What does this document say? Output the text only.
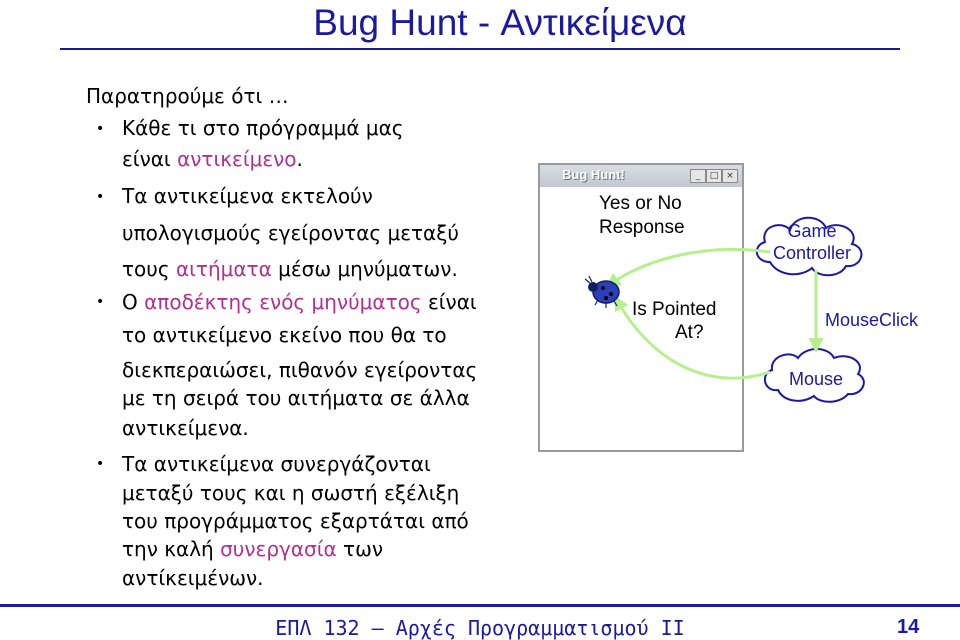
Bug Hunt - Αντικείμενα
Παρατηρούμε ότι …
• Κάθε τι στο πρόγραμμά μας
είναι αντικείμενο.
• Τα αντικείμενα εκτελούν
υπολογισμούς εγείροντας μεταξύ
τους αιτήματα μέσω μηνύματων.
• Ο αποδέκτης ενός μηνύματος είναι
το αντικείμενο εκείνο που θα το
διεκπεραιώσει, πιθανόν εγείροντας
με τη σειρά του αιτήματα σε άλλα
αντικείμενα.
• Τα αντικείμενα συνεργάζονται
μεταξύ τους και η σωστή εξέλιξη
του προγράμματος εξαρτάται από
την καλή συνεργασία των
αντίκειμένων.
Bug Hunt!	_	□ ×
Yes or No
Response
Is Pointed
At?
Game
Controller
Mouse
MouseClick
ΕΠΛ 132 – Αρχές Προγραμματισμού ΙΙ	14
